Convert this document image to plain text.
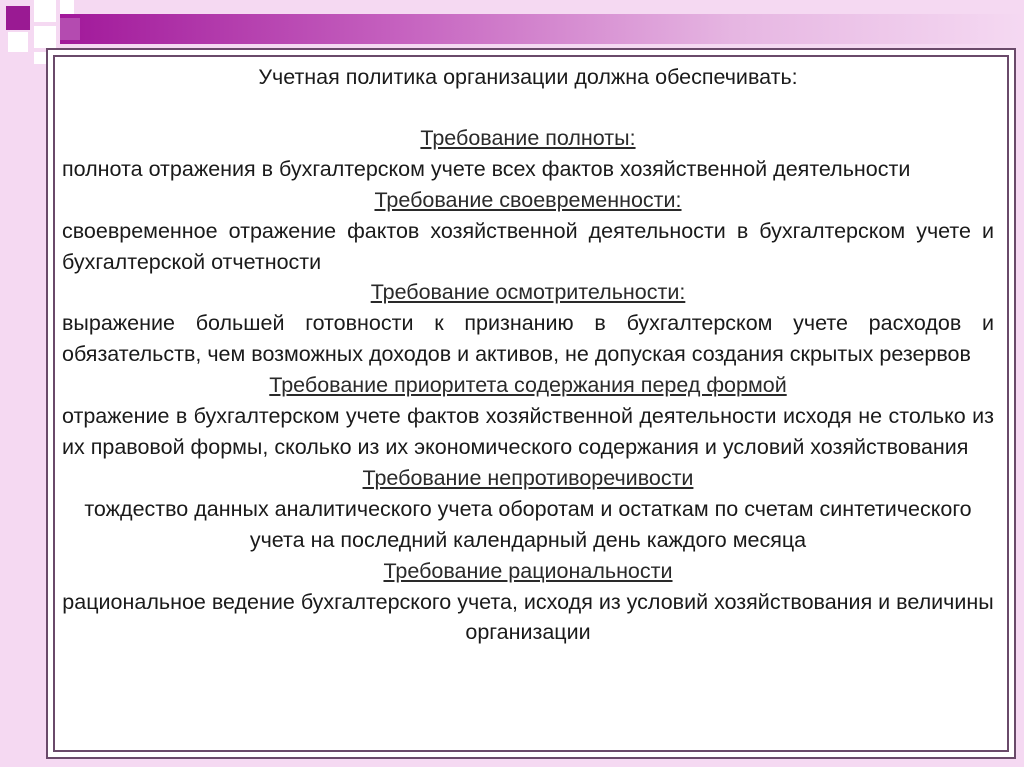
Учетная политика организации должна обеспечивать:
Требование полноты:
полнота отражения в бухгалтерском учете всех фактов хозяйственной деятельности
Требование своевременности:
своевременное отражение фактов хозяйственной деятельности в бухгалтерском учете и бухгалтерской отчетности
Требование осмотрительности:
выражение большей готовности к признанию в бухгалтерском учете расходов и обязательств, чем возможных доходов и активов, не допуская создания скрытых резервов
Требование приоритета содержания перед формой
отражение в бухгалтерском учете фактов хозяйственной деятельности исходя не столько из их правовой формы, сколько из их экономического содержания и условий хозяйствования
Требование непротиворечивости
тождество данных аналитического учета оборотам и остаткам по счетам синтетического учета на последний календарный день каждого месяца
Требование рациональности
рациональное ведение бухгалтерского учета, исходя из условий хозяйствования и величины организации
